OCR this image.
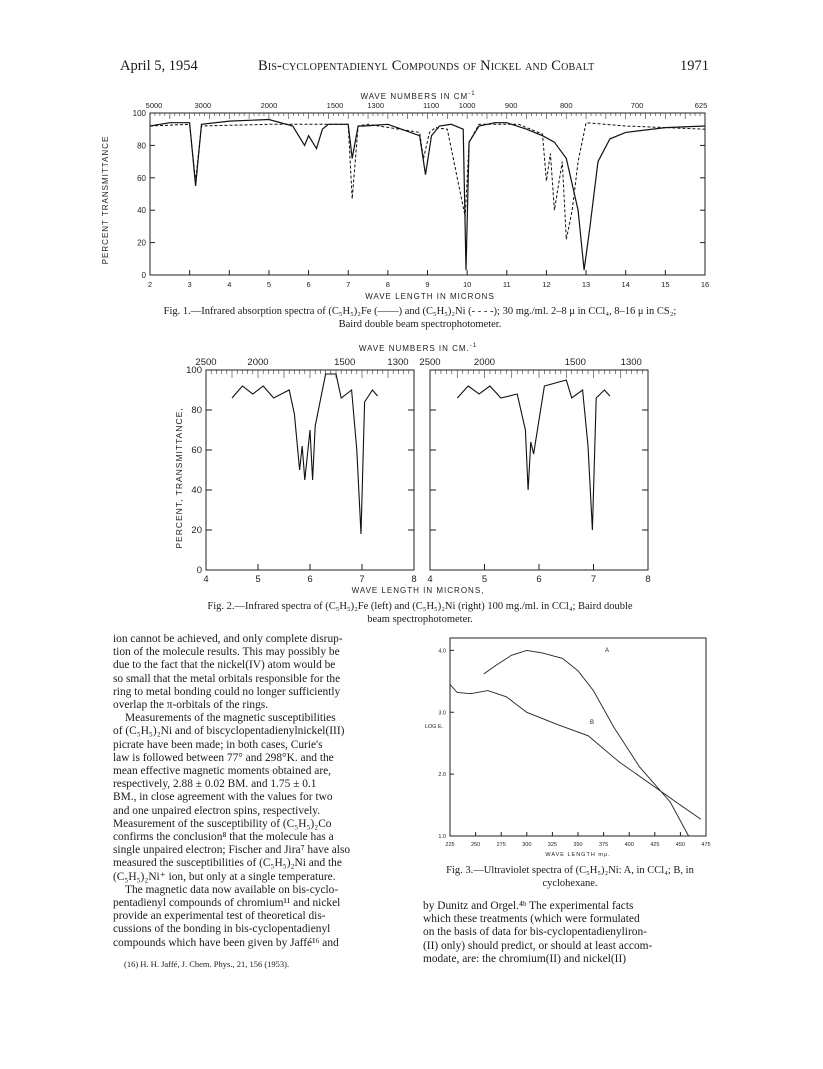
April 5, 1954	Bis-cyclopentadienyl Compounds of Nickel and Cobalt	1971
WAVE NUMBERS IN $CM^{-1}$
5000	3000	2000	1500	1300	1100	1000	900	800	700	625
100
80
60
40
20
0
2	3	4	5	6	7	8	9	10	11	12	13	14	15	16
PERCENT TRANSMITTANCE
WAVE LENGTH IN MICRONS
Fig. 1.—Infrared absorption spectra of (C₅H₅)₂Fe (——) and (C₅H₅)₂Ni (- - - -); 30 mg./ml. 2–8 μ in CCl₄, 8–16 μ in CS₂;
Baird double beam spectrophotometer.
WAVE NUMBERS IN CM.$^{-1}$
2500	2000	1500	1300 2500	2000	1500	1300
100
80
60
40
20
0
4	5	6	7	8 4	5	6	7	8
PERCENT, TRANSMITTANCE,
WAVE LENGTH IN MICRONS,
Fig. 2.—Infrared spectra of (C₅H₅)₂Fe (left) and (C₅H₅)₂Ni (right) 100 mg./ml. in CCl₄; Baird double
beam spectrophotometer.

ion cannot be achieved, and only complete disrup-

tion of the molecule results. This may possibly be

due to the fact that the nickel(IV) atom would be

so small that the metal orbitals responsible for the

ring to metal bonding could no longer sufficiently

overlap the π-orbitals of the rings.

Measurements of the magnetic susceptibilities

of (C₅H₅)₂Ni and of biscyclopentadienylnickel(III)

picrate have been made; in both cases, Curie's

law is followed between 77° and 298°K. and the

mean effective magnetic moments obtained are,

respectively, 2.88 ± 0.02 BM. and 1.75 ± 0.1

BM., in close agreement with the values for two

and one unpaired electron spins, respectively.

Measurement of the susceptibility of (C₅H₅)₂Co

confirms the conclusion⁸ that the molecule has a

single unpaired electron; Fischer and Jira⁷ have also

measured the susceptibilities of (C₅H₅)₂Ni and the

(C₅H₅)₂Ni⁺ ion, but only at a single temperature.

The magnetic data now available on bis-cyclo-

pentadienyl compounds of chromium¹¹ and nickel

provide an experimental test of theoretical dis-

cussions of the bonding in bis-cyclopentadienyl

compounds which have been given by Jaffé¹⁶ and

(16) H. H. Jaffé, J. Chem. Phys., 21, 156 (1953).
4.0
3.0
2.0
1.0
225	250	275	300	325	350	375	400	425	450	475
LOG E.
WAVE LENGTH mμ.
A
B
Fig. 3.—Ultraviolet spectra of (C₅H₅)₂Ni: A, in CCl₄; B, in
cyclohexane.

by Dunitz and Orgel.⁴ᵇ The experimental facts

which these treatments (which were formulated

on the basis of data for bis-cyclopentadienyliron-

(II) only) should predict, or should at least accom-

modate, are: the chromium(II) and nickel(II)
